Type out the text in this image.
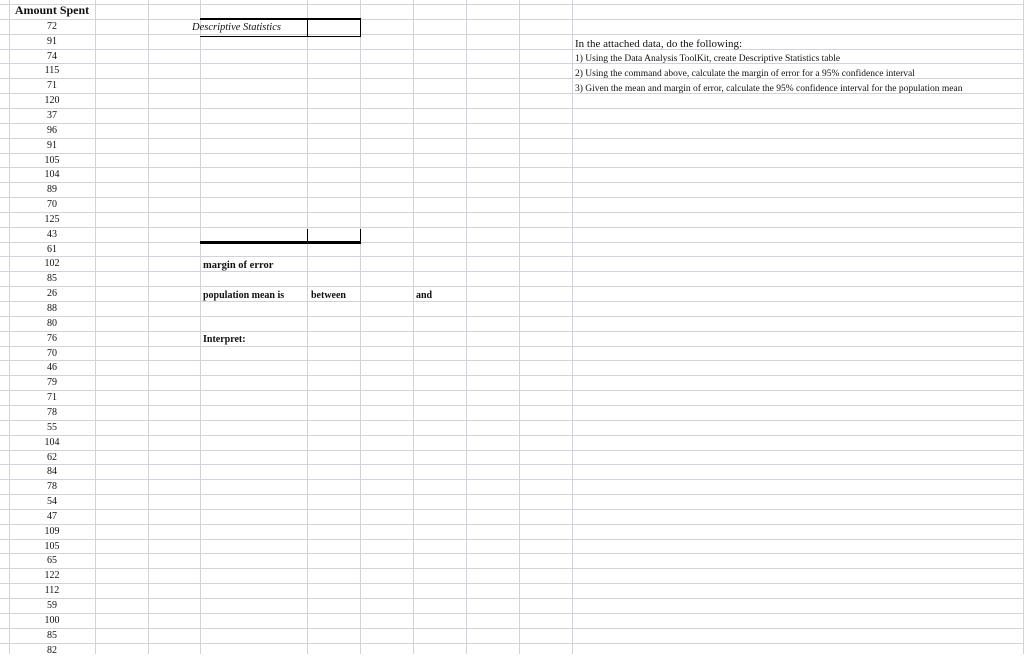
Amount Spent
72
91
74
115
71
120
37
96
91
105
104
89
70
125
43
61
102
85
26
88
80
76
70
46
79
71
78
55
104
62
84
78
54
47
109
105
65
122
112
59
100
85
82
Descriptive Statistics
margin of error
population mean is	between	and
Interpret:
In the attached data, do the following:
1) Using the Data Analysis ToolKit, create Descriptive Statistics table
2) Using the command above, calculate the margin of error for a 95% confidence interval
3) Given the mean and margin of error, calculate the 95% confidence interval for the population mean
